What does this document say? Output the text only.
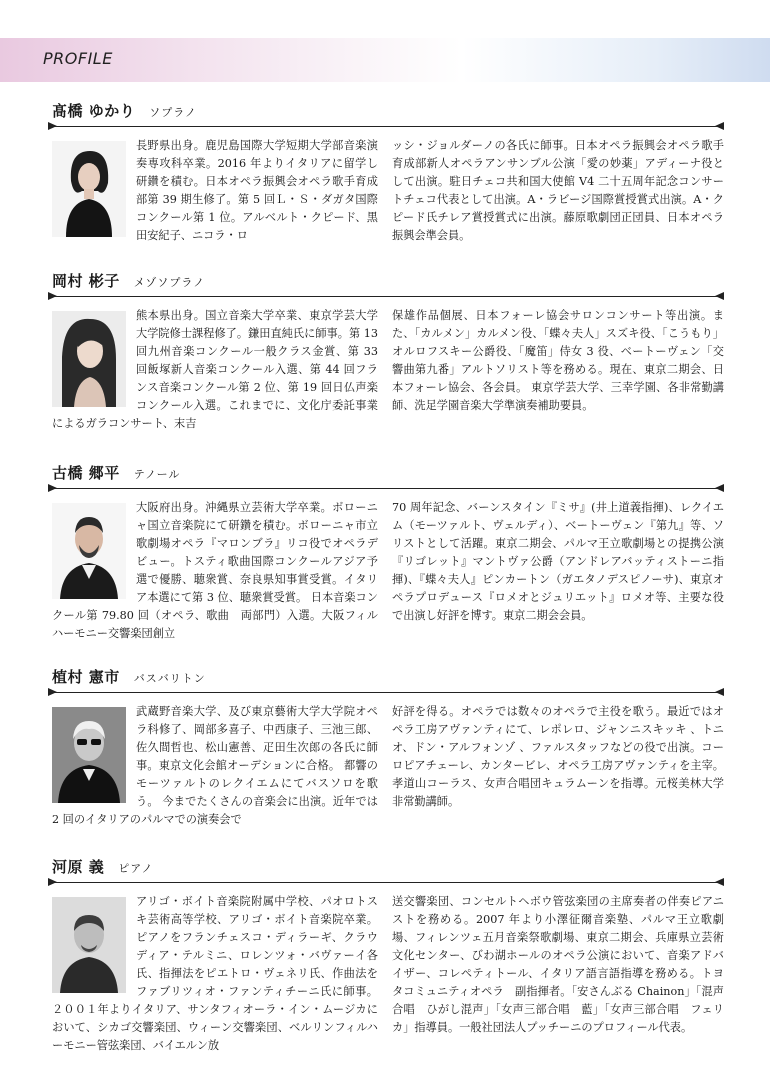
PROFILE
髙橋 ゆかり ソプラノ
長野県出身。鹿児島国際大学短期大学部音楽演奏専攻科卒業。2016 年よりイタリアに留学し研鑽を積む。日本オペラ振興会オペラ歌手育成部第 39 期生修了。第 5 回Ｌ・Ｓ・ダガタ国際コンクール第 1 位。アルベルト・クピード、黒田安紀子、ニコラ・ロ
ッシ・ジョルダーノの各氏に師事。日本オペラ振興会オペラ歌手育成部新人オペラアンサンブル公演「愛の妙薬」アディーナ役として出演。駐日チェコ共和国大使館 V4 二十五周年記念コンサートチェコ代表として出演。A・ラビージ国際賞授賞式出演。A・クピード氏チレア賞授賞式に出演。藤原歌劇団正団員、日本オペラ振興会準会員。
岡村 彬子 メゾソプラノ
熊本県出身。国立音楽大学卒業、東京学芸大学大学院修士課程修了。鎌田直純氏に師事。第 13 回九州音楽コンクール一般クラス金賞、第 33 回飯塚新人音楽コンクール入選、第 44 回フランス音楽コンクール第 2 位、第 19 回日仏声楽コンクール入選。これまでに、文化庁委託事業によるガラコンサート、末吉
保雄作品個展、日本フォーレ協会サロンコンサート等出演。また、「カルメン」カルメン役、「蝶々夫人」スズキ役、「こうもり」オルロフスキー公爵役、「魔笛」侍女 3 役、ベートーヴェン「交響曲第九番」アルトソリスト等を務める。現在、東京二期会、日本フォーレ協会、各会員。 東京学芸大学、三幸学園、各非常勤講師、洗足学園音楽大学準演奏補助要員。
古橋 郷平 テノール
大阪府出身。沖縄県立芸術大学卒業。ボローニャ国立音楽院にて研鑽を積む。ボローニャ市立歌劇場オペラ『マロンブラ』リコ役でオペラデビュー。トスティ歌曲国際コンクールアジア予選で優勝、聴衆賞、奈良県知事賞受賞。イタリア本選にて第 3 位、聴衆賞受賞。 日本音楽コンクール第 79.80 回（オペラ、歌曲　両部門）入選。大阪フィルハーモニー交響楽団創立
70 周年記念、バーンスタイン『ミサ』(井上道義指揮)、レクイエム（モーツァルト、ヴェルディ）、ベートーヴェン『第九』等、ソリストとして活躍。東京二期会、パルマ王立歌劇場との提携公演『リゴレット』マントヴァ公爵（アンドレアバッティストーニ指揮)、『蝶々夫人』ピンカートン（ガエタノデスピノーサ)、東京オペラプロデュース『ロメオとジュリエット』ロメオ等、主要な役で出演し好評を博す。東京二期会会員。
植村 憲市 バスバリトン
武蔵野音楽大学、及び東京藝術大学大学院オペラ科修了、岡部多喜子、中西康子、三池三郎、佐久間哲也、松山憲善、疋田生次郎の各氏に師事。東京文化会館オーデションに合格。 都響のモーツァルトのレクイエムにてバスソロを歌う。 今までたくさんの音楽会に出演。近年では 2 回のイタリアのパルマでの演奏会で
好評を得る。オペラでは数々のオペラで主役を歌う。最近ではオペラ工房アヴァンティにて、レポレロ、ジャンニスキッキ 、トニオ、ドン・アルフォンゾ 、ファルスタッフなどの役で出演。コーロピアチェーレ、カンタービレ、オペラ工房アヴァンティを主宰。孝道山コーラス、女声合唱団キュラムーンを指導。元桜美林大学非常勤講師。
河原 義 ピアノ
アリゴ・ボイト音楽院附属中学校、パオロトスキ芸術高等学校、アリゴ・ボイト音楽院卒業。ピアノをフランチェスコ・ディラーギ、クラウディア・テルミニ、ロレンツォ・バヴァーイ各氏、指揮法をピエトロ・ヴェネリ氏、作曲法をファブリツィオ・ファンティチーニ氏に師事。２００１年よりイタリア、サンタフィオーラ・イン・ムージカにおいて、シカゴ交響楽団、ウィーン交響楽団、ベルリンフィルハーモニー管弦楽団、バイエルン放
送交響楽団、コンセルトヘボウ管弦楽団の主席奏者の伴奏ピアニストを務める。2007 年より小澤征爾音楽塾、パルマ王立歌劇場、フィレンツェ五月音楽祭歌劇場、東京二期会、兵庫県立芸術文化センター、びわ湖ホールのオペラ公演において、音楽アドバイザー、コレペティトール、イタリア語言語指導を務める。トヨタコミュニティオペラ　副指揮者。「安さんぶる Chainon」「混声合唱　ひがし混声」「女声三部合唱　藍」「女声三部合唱　フェリカ」指導員。一般社団法人プッチーニのプロフィール代表。
